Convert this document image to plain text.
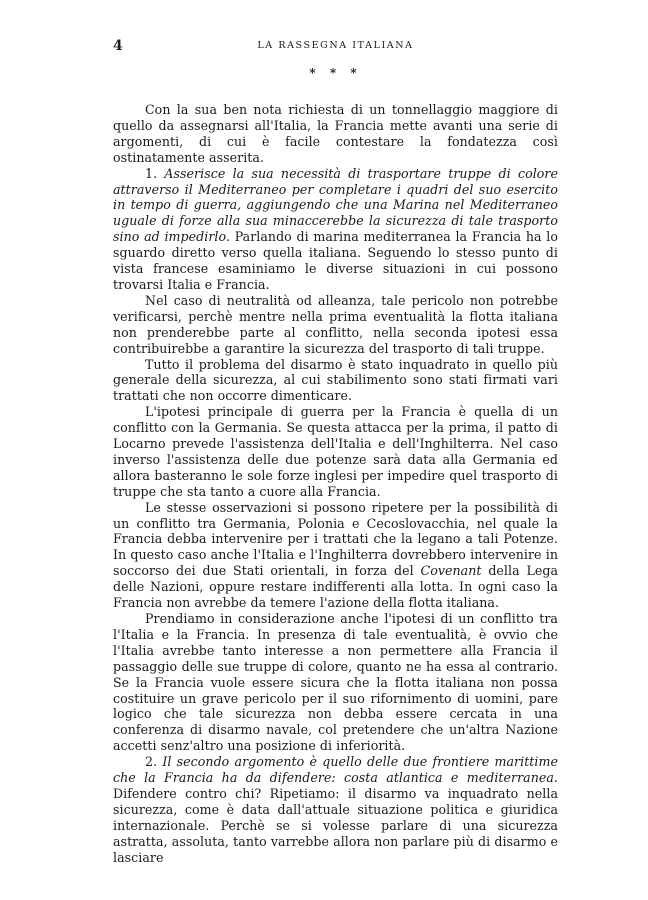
4	LA RASSEGNA ITALIANA
* * *

Con la sua ben nota richiesta di un tonnellaggio maggiore di quello da assegnarsi all'Italia, la Francia mette avanti una serie di argomenti, di cui è facile contestare la fondatezza così ostinatamente asserita.

1. Asserisce la sua necessità di trasportare truppe di colore attraverso il Mediterraneo per completare i quadri del suo esercito in tempo di guerra, aggiungendo che una Marina nel Mediterraneo uguale di forze alla sua minaccerebbe la sicurezza di tale trasporto sino ad impedirlo. Parlando di marina mediterranea la Francia ha lo sguardo diretto verso quella italiana. Seguendo lo stesso punto di vista francese esaminiamo le diverse situazioni in cui possono trovarsi Italia e Francia.

Nel caso di neutralità od alleanza, tale pericolo non potrebbe verificarsi, perchè mentre nella prima eventualità la flotta italiana non prenderebbe parte al conflitto, nella seconda ipotesi essa contribuirebbe a garantire la sicurezza del trasporto di tali truppe.

Tutto il problema del disarmo è stato inquadrato in quello più generale della sicurezza, al cui stabilimento sono stati firmati vari trattati che non occorre dimenticare.

L'ipotesi principale di guerra per la Francia è quella di un conflitto con la Germania. Se questa attacca per la prima, il patto di Locarno prevede l'assistenza dell'Italia e dell'Inghilterra. Nel caso inverso l'assistenza delle due potenze sarà data alla Germania ed allora basteranno le sole forze inglesi per impedire quel trasporto di truppe che sta tanto a cuore alla Francia.

Le stesse osservazioni si possono ripetere per la possibilità di un conflitto tra Germania, Polonia e Cecoslovacchia, nel quale la Francia debba intervenire per i trattati che la legano a tali Potenze. In questo caso anche l'Italia e l'Inghilterra dovrebbero intervenire in soccorso dei due Stati orientali, in forza del Covenant della Lega delle Nazioni, oppure restare indifferenti alla lotta. In ogni caso la Francia non avrebbe da temere l'azione della flotta italiana.

Prendiamo in considerazione anche l'ipotesi di un conflitto tra l'Italia e la Francia. In presenza di tale eventualità, è ovvio che l'Italia avrebbe tanto interesse a non permettere alla Francia il passaggio delle sue truppe di colore, quanto ne ha essa al contrario. Se la Francia vuole essere sicura che la flotta italiana non possa costituire un grave pericolo per il suo rifornimento di uomini, pare logico che tale sicurezza non debba essere cercata in una conferenza di disarmo navale, col pretendere che un'altra Nazione accetti senz'altro una posizione di inferiorità.

2. Il secondo argomento è quello delle due frontiere marittime che la Francia ha da difendere: costa atlantica e mediterranea. Difendere contro chi? Ripetiamo: il disarmo va inquadrato nella sicurezza, come è data dall'attuale situazione politica e giuridica internazionale. Perchè se si volesse parlare di una sicurezza astratta, assoluta, tanto varrebbe allora non parlare più di disarmo e lasciare
